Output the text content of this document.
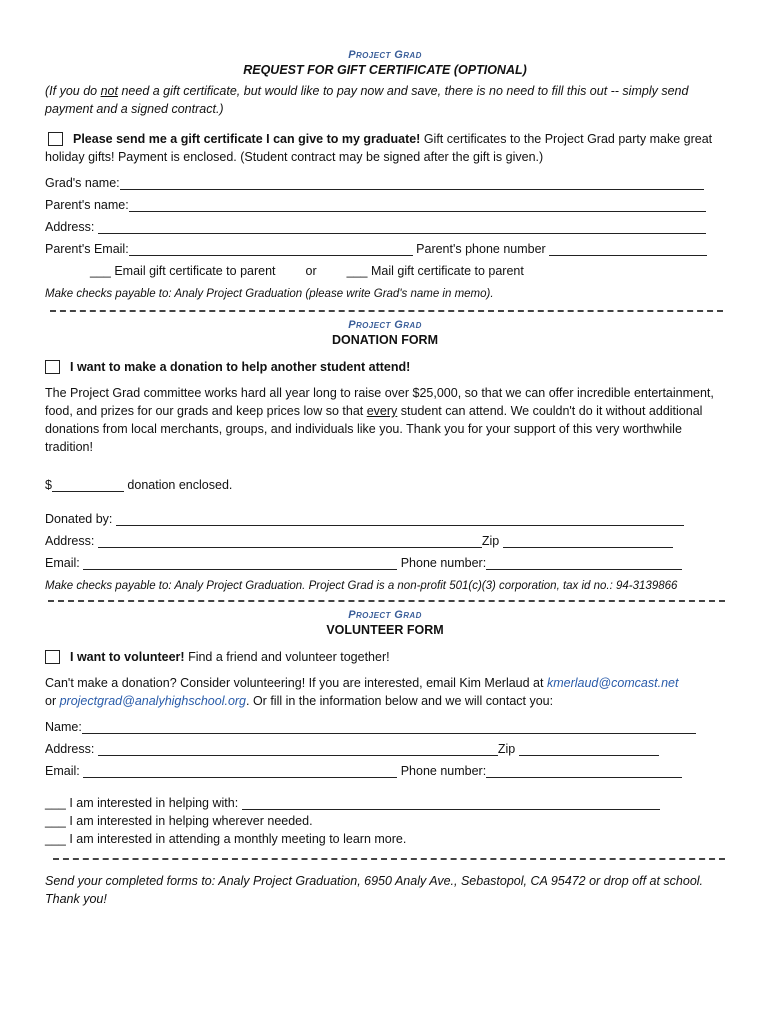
Project Grad
REQUEST FOR GIFT CERTIFICATE (OPTIONAL)
(If you do not need a gift certificate, but would like to pay now and save, there is no need to fill this out -- simply send payment and a signed contract.)
Please send me a gift certificate I can give to my graduate! Gift certificates to the Project Grad party make great holiday gifts! Payment is enclosed. (Student contract may be signed after the gift is given.)
Grad's name:
Parent's name:
Address:
Parent's Email:	Parent's phone number
___ Email gift certificate to parent or ___ Mail gift certificate to parent
Make checks payable to: Analy Project Graduation (please write Grad's name in memo).
Project Grad
DONATION FORM
I want to make a donation to help another student attend!
The Project Grad committee works hard all year long to raise over $25,000, so that we can offer incredible entertainment, food, and prizes for our grads and keep prices low so that every student can attend. We couldn't do it without additional donations from local merchants, groups, and individuals like you. Thank you for your support of this very worthwhile tradition!
$	donation enclosed.
Donated by:
Address:	Zip
Email:	Phone number:
Make checks payable to: Analy Project Graduation. Project Grad is a non-profit 501(c)(3) corporation, tax id no.: 94-3139866
Project Grad
VOLUNTEER FORM
I want to volunteer! Find a friend and volunteer together!
Can't make a donation? Consider volunteering! If you are interested, email Kim Merlaud at kmerlaud@comcast.net
or projectgrad@analyhighschool.org. Or fill in the information below and we will contact you:
Name:
Address:	Zip
Email:	Phone number:
___ I am interested in helping with:
___ I am interested in helping wherever needed.
___ I am interested in attending a monthly meeting to learn more.
Send your completed forms to: Analy Project Graduation, 6950 Analy Ave., Sebastopol, CA 95472 or drop off at school. Thank you!
